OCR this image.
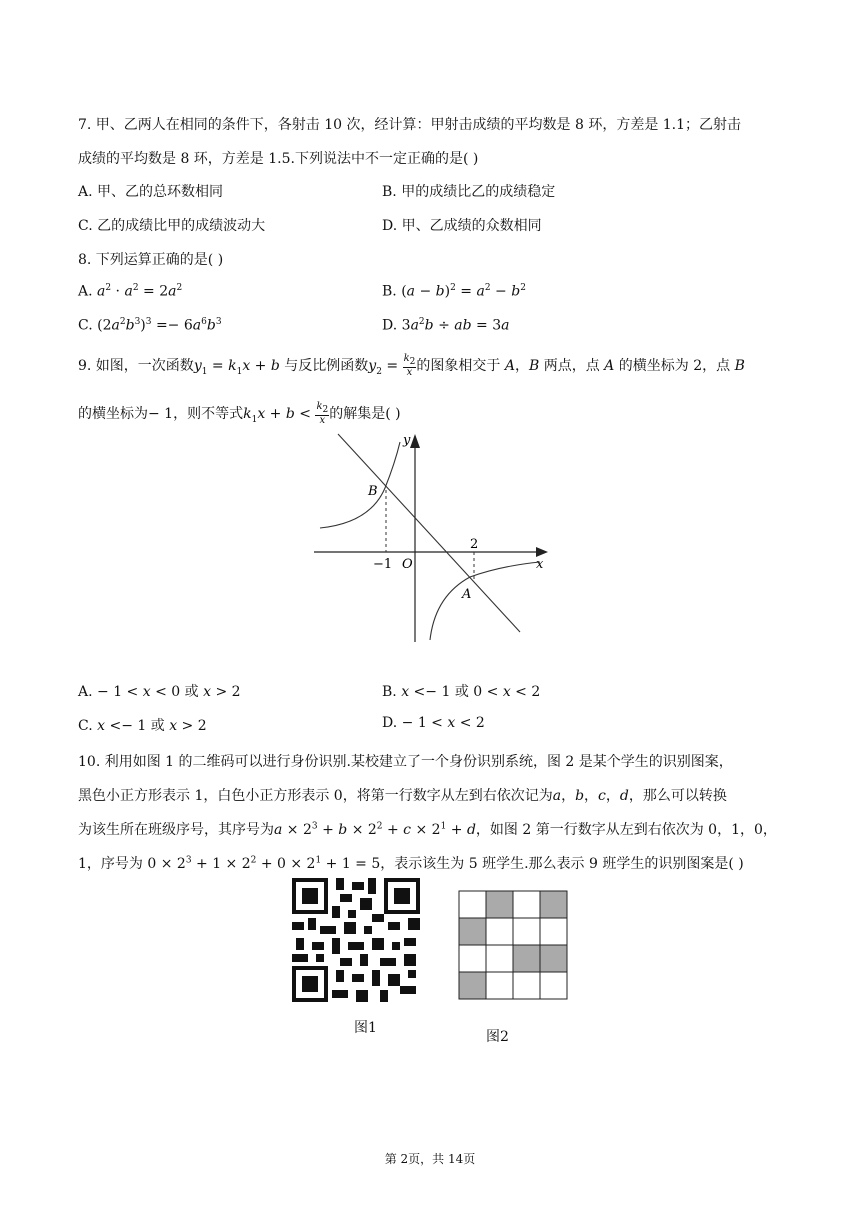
7. 甲、乙两人在相同的条件下，各射击 10 次，经计算：甲射击成绩的平均数是 8 环，方差是 1.1；乙射击
成绩的平均数是 8 环，方差是 1.5.下列说法中不一定正确的是( )
A. 甲、乙的总环数相同	B. 甲的成绩比乙的成绩稳定
C. 乙的成绩比甲的成绩波动大	D. 甲、乙成绩的众数相同
8. 下列运算正确的是( )
A. $a^2 \cdot a^2 = 2a^2$	B. $(a - b)^2 = a^2 - b^2$
C. $(2a^2b^3)^3 =- 6a^6b^3$	D. $3a^2b$ ÷ ab = 3a
9. 如图，一次函数$y_1 = k_1x + b$ 与反比例函数$y_2 = \frac{k_2}{x}$ 的图象相交于 A，B 两点，点 A 的横坐标为 2，点 B
的横坐标为− 1，则不等式$k_1x + b < \frac{k_2}{x}$ 的解集是( )
y
x
B
A
O
−1
2
A. − 1 < x < 0 或 x > 2	B. x <− 1 或 0 < x < 2
C. x <− 1 或 x > 2	D. − 1 < x < 2
10. 利用如图 1 的二维码可以进行身份识别.某校建立了一个身份识别系统，图 2 是某个学生的识别图案，
黑色小正方形表示 1，白色小正方形表示 0，将第一行数字从左到右依次记为a，b，c，d，那么可以转换
为该生所在班级序号，其序号为$a \times 2^3 + b \times 2^2 + c \times 2^1 + d$，如图 2 第一行数字从左到右依次为 0，1，0，
1，序号为 $0 \times 2^3 + 1 \times 2^2 + 0 \times 2^1 + 1 = 5$，表示该生为 5 班学生.那么表示 9 班学生的识别图案是( )
图1
图2
第 2页，共 14页
